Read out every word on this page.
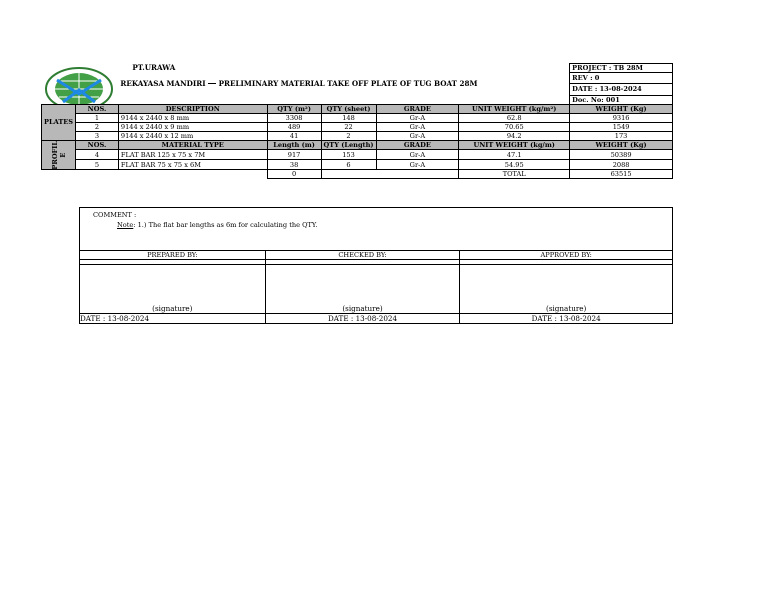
		PT.URAWA					PROJECT : TB 28M
		REKAYASA MANDIRI PRELIMINARY MATERIAL TAKE OFF PLATE OF TUG BOAT 28M					REV : 0
							DATE : 13-08-2024

							Doc. No: 001
PLATES	NOS.	DESCRIPTION	QTY (m²)	QTY (sheet)	GRADE	UNIT WEIGHT (kg/m²)	WEIGHT (Kg)
	1	9144 x 2440 x 8 mm	3308	148	Gr-A	62.8	9316
	2	9144 x 2440 x 9 mm	489	22	Gr-A	70.65	1549
	3	9144 x 2440 x 12 mm	41	2	Gr-A	94.2	173

PROFIL E	NOS.	MATERIAL TYPE	Length (m)	QTY (Length)	GRADE	UNIT WEIGHT (kg/m)	WEIGHT (Kg)
	4	FLAT BAR 125 x 75 x 7M	917	153	Gr-A	47.1	50389
	5	FLAT BAR 75 x 75 x 6M	38	6	Gr-A	54.95	2088
			0			TOTAL	63515
COMMENT :
Note: 1.) The flat bar lengths as 6m for calculating the QTY.		

PREPARED BY:	CHECKED BY:	APPROVED BY:

(signature)	(signature)	(signature)
DATE : 13-08-2024	DATE : 13-08-2024	DATE : 13-08-2024
